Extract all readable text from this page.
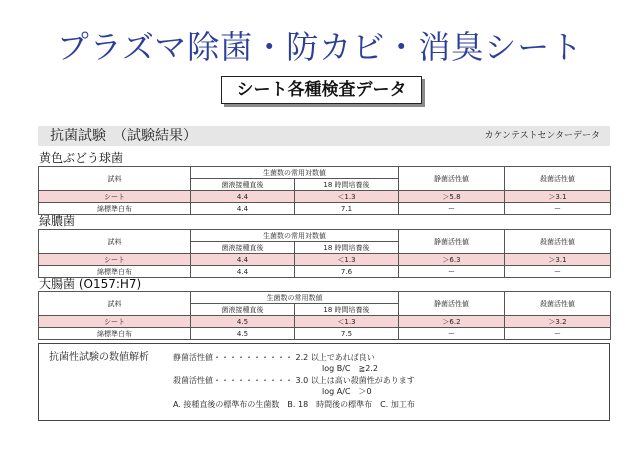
プラズマ除菌・防カビ・消臭シート
シート各種検査データ
抗菌試験　（試験結果）	カケンテストセンターデータ
黄色ぶどう球菌
試料	生菌数の常用対数値		静菌活性値	殺菌活性値
	菌液接種直後	18 時間培養後		
シート	4.4	＜1.3	＞5.8	＞3.1
綿標準白布	4.4	7.1	ー	ー
緑膿菌
試料	生菌数の常用対数値		静菌活性値	殺菌活性値
	菌液接種直後	18 時間培養後		
シート	4.4	＜1.3	＞6.3	＞3.1
綿標準白布	4.4	7.6	ー	ー
大腸菌 (O157:H7)
試料	生菌数の常用数値		静菌活性値	殺菌活性値
	菌液接種直後	18 時間培養後		
シート	4.5	＜1.3	＞6.2	＞3.2
綿標準白布	4.5	7.5	ー	ー
抗菌性試験の数値解析	静菌活性値・・・・・・・・・・ 2.2 以上であれば良い
log B/C　≧2.2
殺菌活性値・・・・・・・・・・ 3.0 以上は高い殺菌性があります
log A/C　＞0
A. 接種直後の標準布の生菌数　B. 18　時間後の標準布　C. 加工布
